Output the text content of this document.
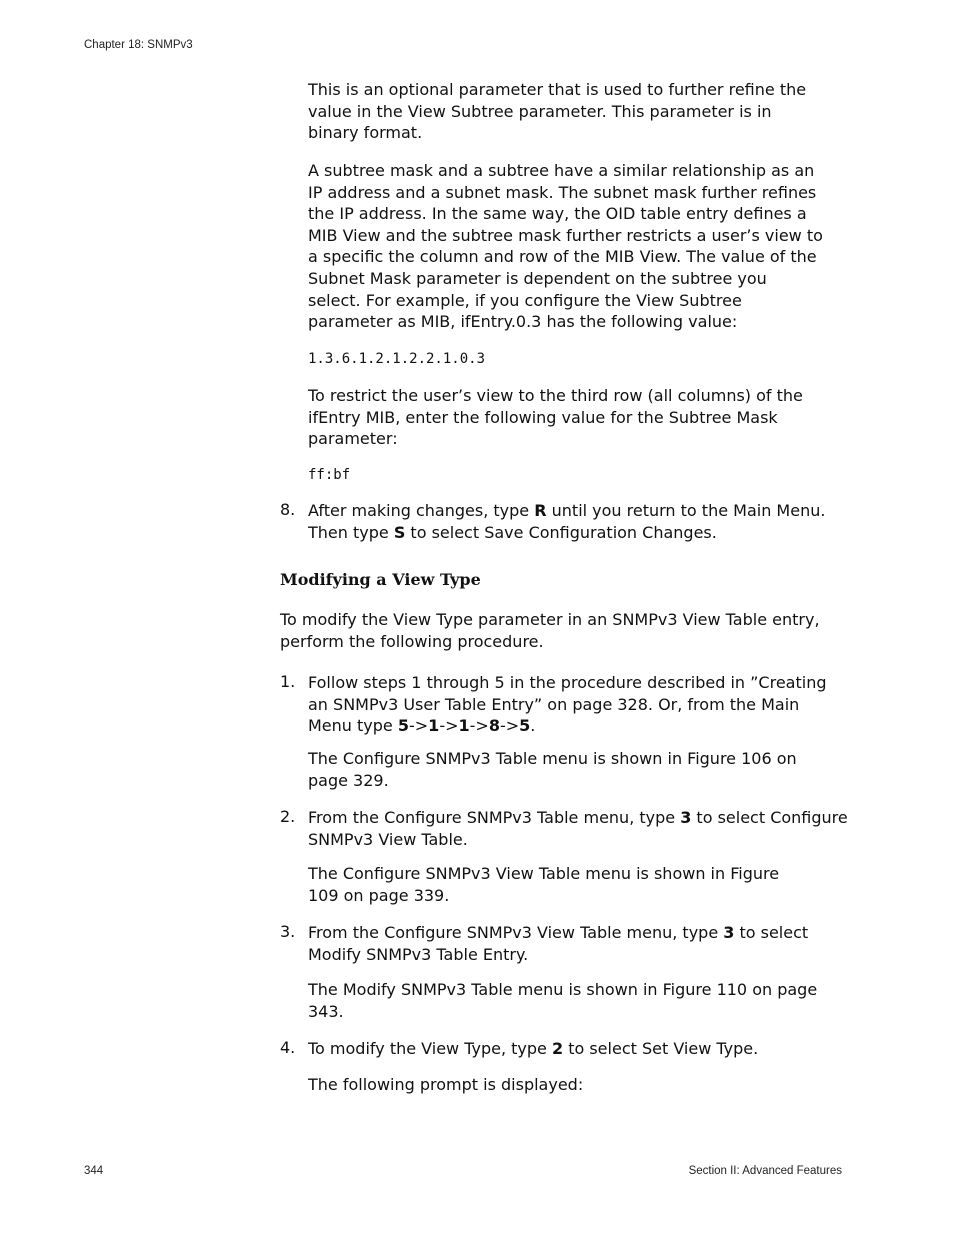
Chapter 18: SNMPv3

This is an optional parameter that is used to further refine the value in the View Subtree parameter. This parameter is in binary format.

A subtree mask and a subtree have a similar relationship as an IP address and a subnet mask. The subnet mask further refines the IP address. In the same way, the OID table entry defines a MIB View and the subtree mask further restricts a user’s view to a specific the column and row of the MIB View. The value of the Subnet Mask parameter is dependent on the subtree you select. For example, if you configure the View Subtree parameter as MIB, ifEntry.0.3 has the following value:

1.3.6.1.2.1.2.2.1.0.3

To restrict the user’s view to the third row (all columns) of the ifEntry MIB, enter the following value for the Subtree Mask parameter:

ff:bf
8. After making changes, type R until you return to the Main Menu. Then type S to select Save Configuration Changes.

Modifying a View Type

To modify the View Type parameter in an SNMPv3 View Table entry, perform the following procedure.

1. Follow steps 1 through 5 in the procedure described in ”Creating an SNMPv3 User Table Entry” on page 328. Or, from the Main Menu type 5->1->1->8->5.

The Configure SNMPv3 Table menu is shown in Figure 106 on page 329.

2. From the Configure SNMPv3 Table menu, type 3 to select Configure SNMPv3 View Table.

The Configure SNMPv3 View Table menu is shown in Figure 109 on page 339.

3. From the Configure SNMPv3 View Table menu, type 3 to select Modify SNMPv3 Table Entry.

The Modify SNMPv3 Table menu is shown in Figure 110 on page 343.

4. To modify the View Type, type 2 to select Set View Type.

The following prompt is displayed:

344	Section II: Advanced Features
